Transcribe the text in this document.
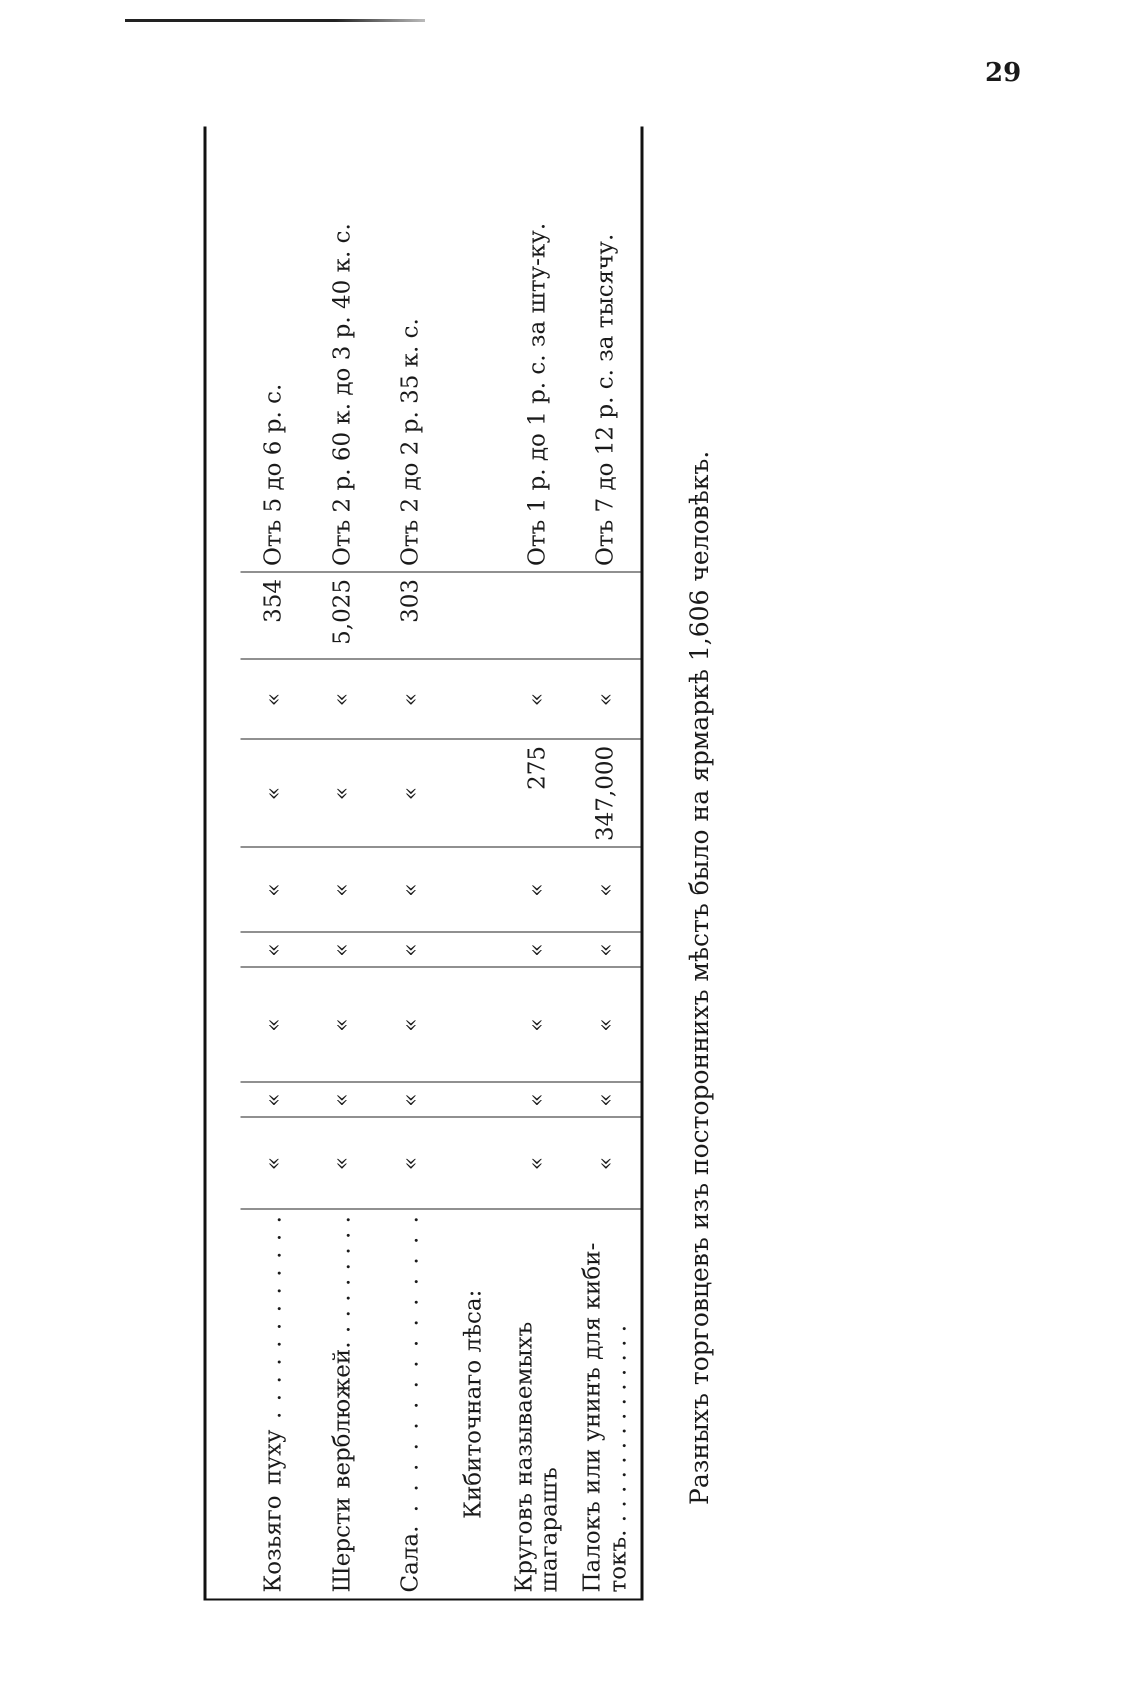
29

Козьяго пуху . . . . . . . . . . . .	«	«	«	«	«	«	«	354	Отъ 5 до 6 р. с.
Шерсти верблюжей. . . . . . . . .	«	«	«	«	«	«	«	5,025	Отъ 2 р. 60 к. до 3 р. 40 к. с.
Сала. . . . . . . . . . . . . . . .	«	«	«	«	«	«	«	303	Отъ 2 до 2 р. 35 к. с.
Кибиточнаго лѣса:									
Круговъ называемыхъ шагарашъ	«	«	«	«	«	275	«		Отъ 1 р. до 1 р. с. за шту-ку.
Палокъ или унинъ для киби-токъ. . . . . . . . . . . . . . .	«	«	«	«	«	347,000	«		Отъ 7 до 12 р. с. за тысячу.
Разныхъ торговцевъ изъ постороннихъ мѣстъ было на ярмаркѣ 1,606 человѣкъ.
